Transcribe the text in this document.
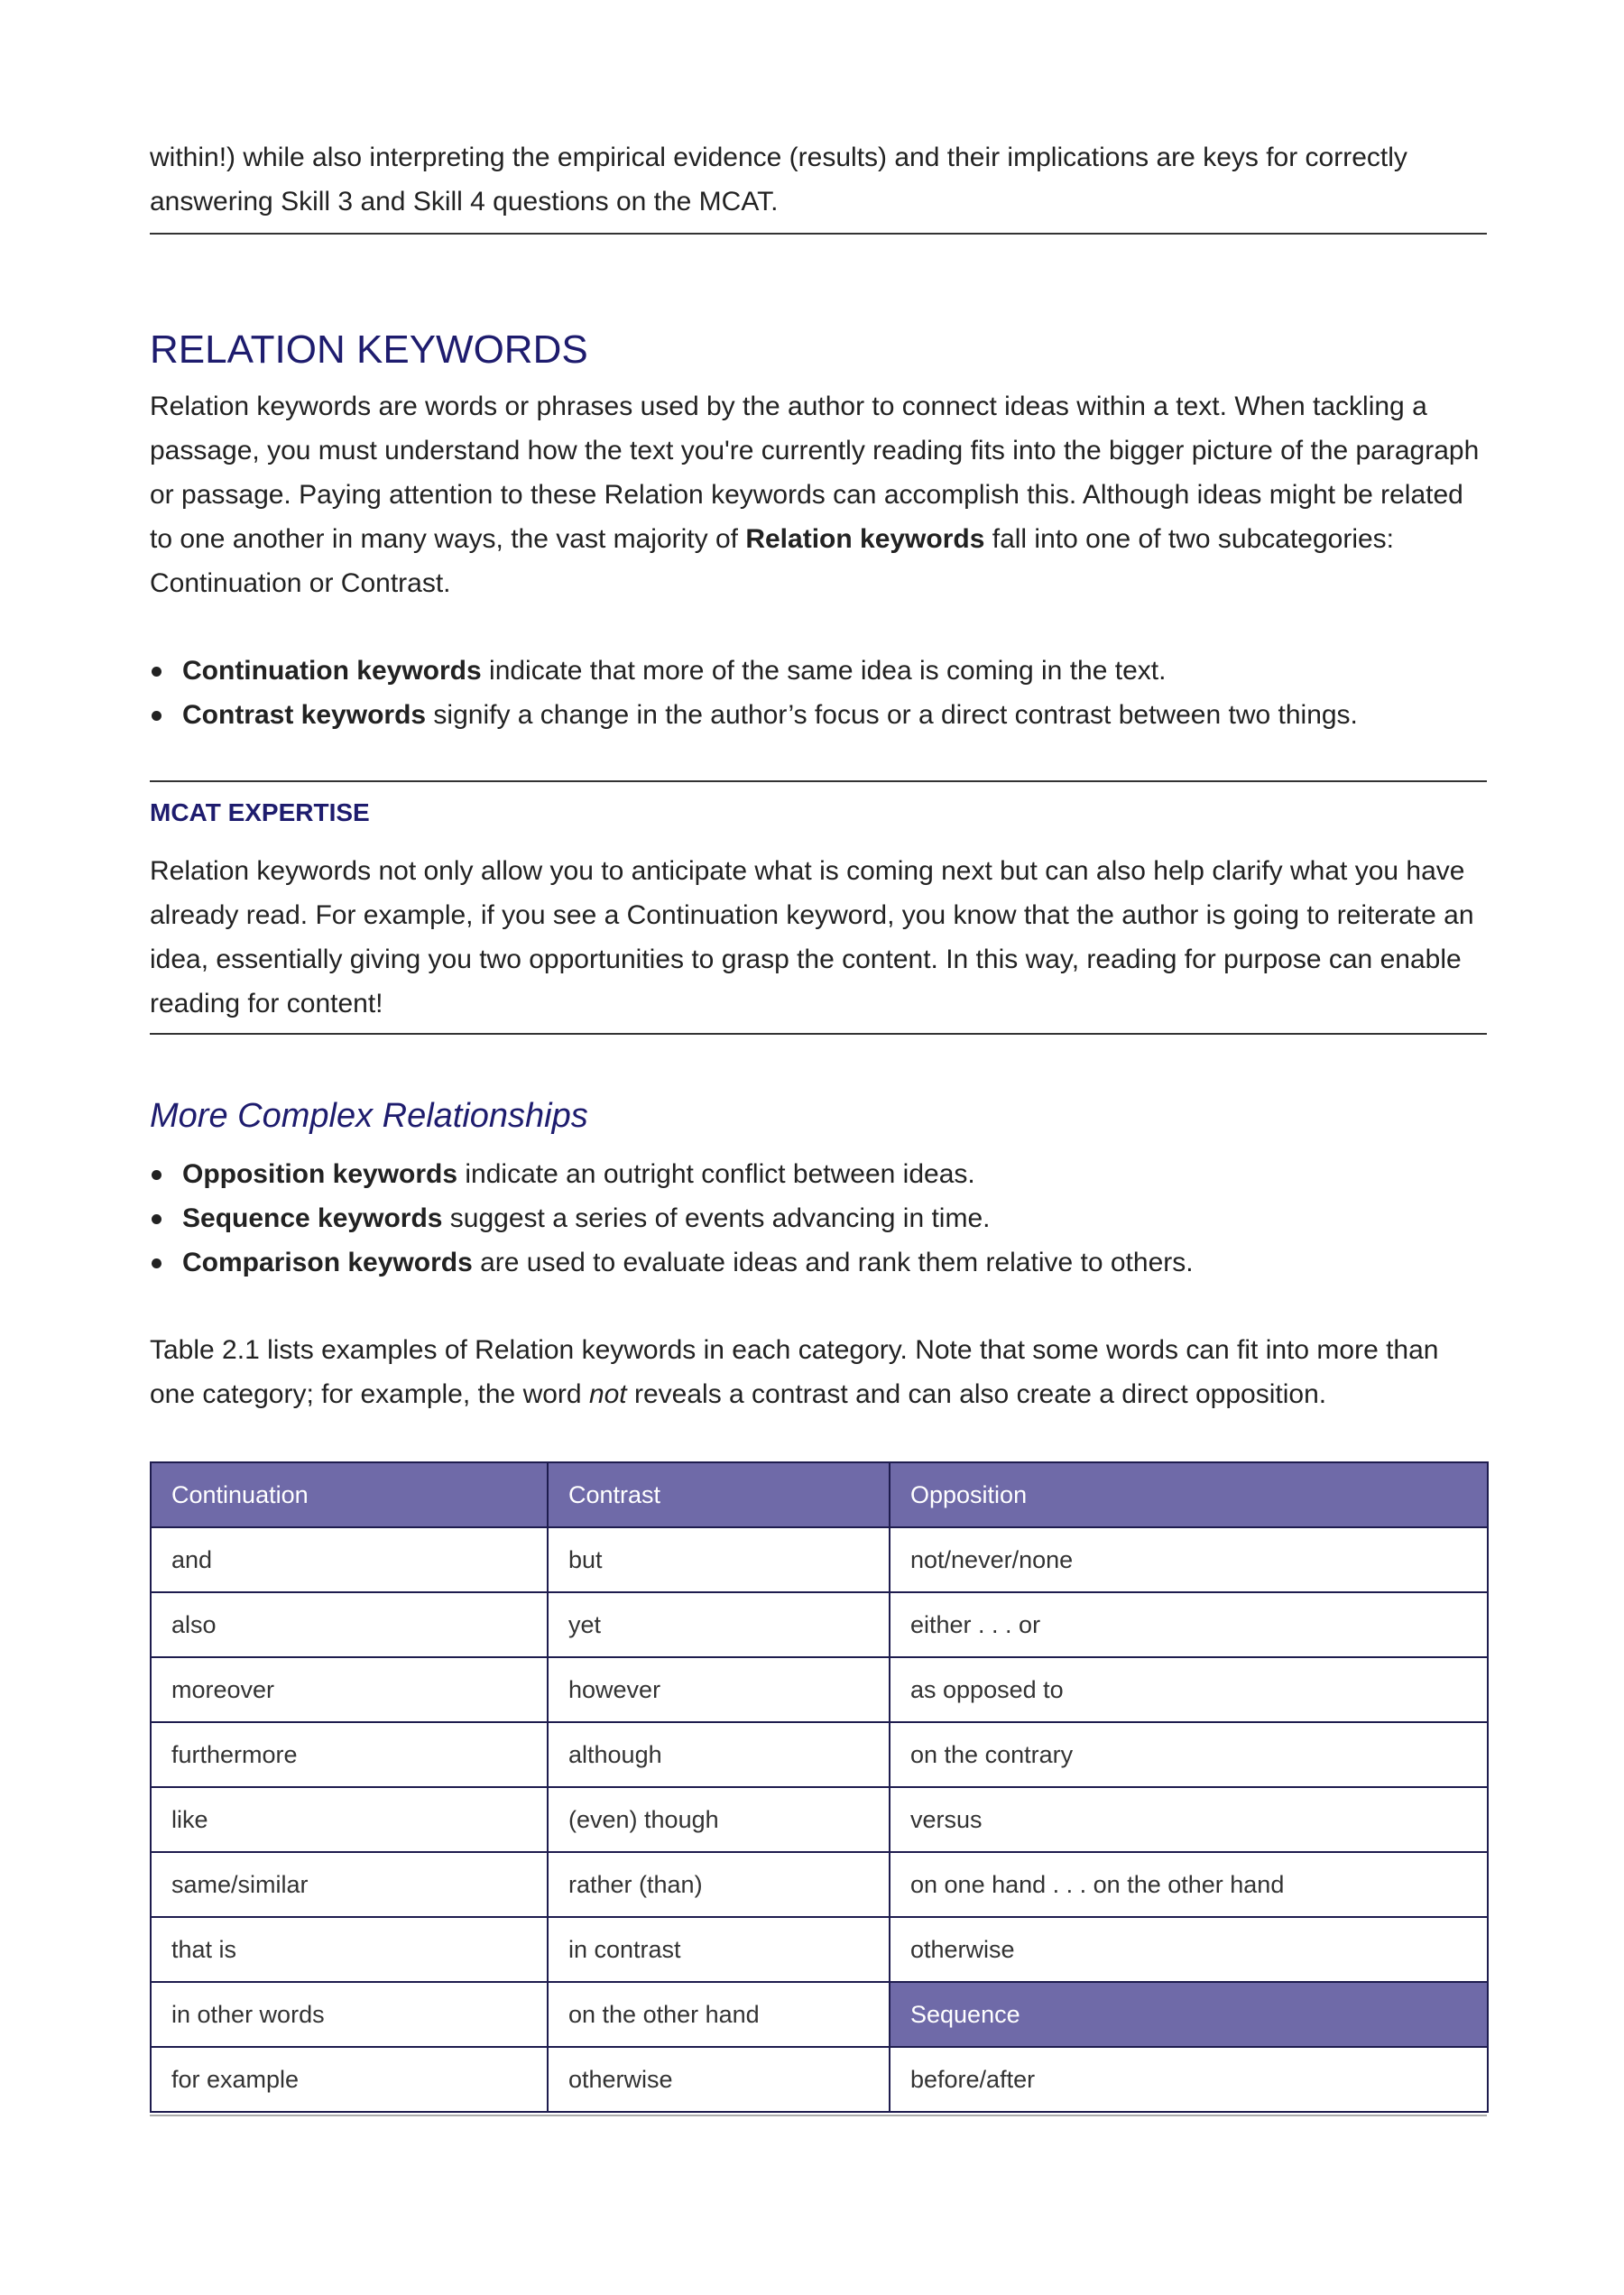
within!) while also interpreting the empirical evidence (results) and their implications are keys for correctly
answering Skill 3 and Skill 4 questions on the MCAT.

RELATION KEYWORDS

Relation keywords are words or phrases used by the author to connect ideas within a text. When tackling a passage, you must understand how the text you're currently reading fits into the bigger picture of the paragraph or passage. Paying attention to these Relation keywords can accomplish this. Although ideas might be related to one another in many ways, the vast majority of Relation keywords fall into one of two subcategories: Continuation or Contrast.

Continuation keywords indicate that more of the same idea is coming in the text.
Contrast keywords signify a change in the author’s focus or a direct contrast between two things.
MCAT EXPERTISE

Relation keywords not only allow you to anticipate what is coming next but can also help clarify what you have already read. For example, if you see a Continuation keyword, you know that the author is going to reiterate an idea, essentially giving you two opportunities to grasp the content. In this way, reading for purpose can enable reading for content!

More Complex Relationships
Opposition keywords indicate an outright conflict between ideas.
Sequence keywords suggest a series of events advancing in time.
Comparison keywords are used to evaluate ideas and rank them relative to others.

Table 2.1 lists examples of Relation keywords in each category. Note that some words can fit into more than one category; for example, the word not reveals a contrast and can also create a direct opposition.

Continuation	Contrast	Opposition
and	but	not/never/none
also	yet	either . . . or
moreover	however	as opposed to
furthermore	although	on the contrary
like	(even) though	versus
same/similar	rather (than)	on one hand . . . on the other hand
that is	in contrast	otherwise
in other words	on the other hand	Sequence
for example	otherwise	before/after
